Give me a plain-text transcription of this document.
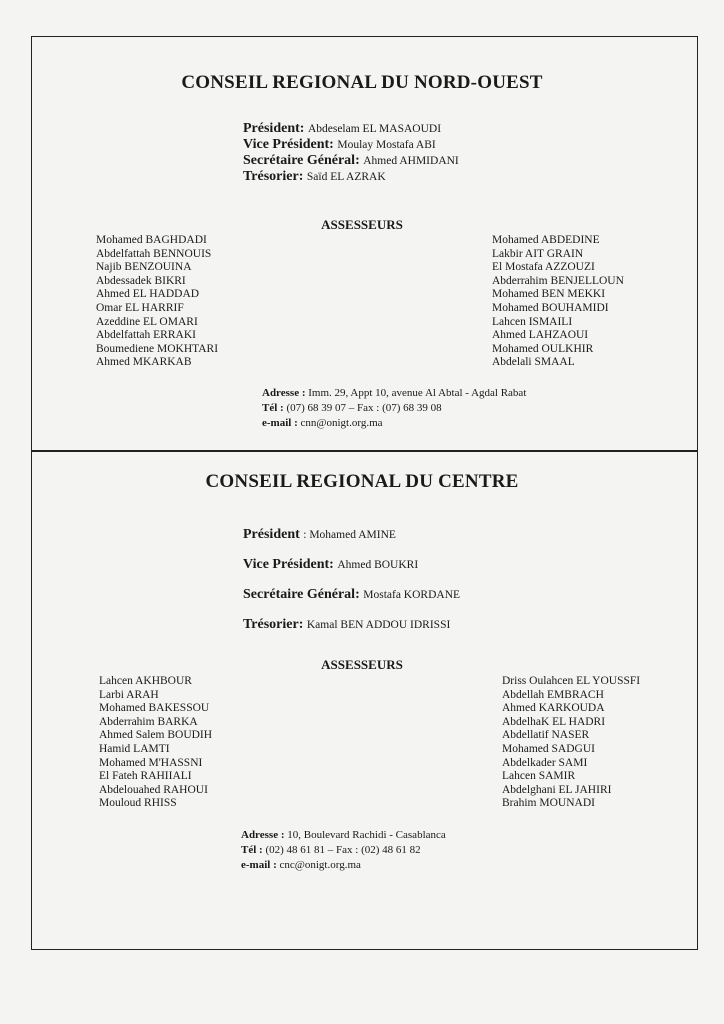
CONSEIL REGIONAL DU NORD-OUEST
Président: Abdeselam EL MASAOUDI
Vice Président: Moulay Mostafa ABI
Secrétaire Général: Ahmed AHMIDANI
Trésorier: Saïd EL AZRAK
ASSESSEURS
Mohamed BAGHDADI
Abdelfattah BENNOUIS
Najib BENZOUINA
Abdessadek BIKRI
Ahmed EL HADDAD
Omar EL HARRIF
Azeddine EL OMARI
Abdelfattah ERRAKI
Boumediene MOKHTARI
Ahmed MKARKAB
Mohamed ABDEDINE
Lakbir AIT GRAIN
El Mostafa AZZOUZI
Abderrahim BENJELLOUN
Mohamed BEN MEKKI
Mohamed BOUHAMIDI
Lahcen ISMAILI
Ahmed LAHZAOUI
Mohamed OULKHIR
Abdelali SMAAL
Adresse : Imm. 29, Appt 10, avenue Al Abtal - Agdal Rabat
Tél : (07) 68 39 07 – Fax : (07) 68 39 08
e-mail : cnn@onigt.org.ma
CONSEIL REGIONAL DU CENTRE
Président : Mohamed AMINE
Vice Président: Ahmed BOUKRI
Secrétaire Général: Mostafa KORDANE
Trésorier: Kamal BEN ADDOU IDRISSI
ASSESSEURS
Lahcen AKHBOUR
Larbi ARAH
Mohamed BAKESSOU
Abderrahim BARKA
Ahmed Salem BOUDIH
Hamid LAMTI
Mohamed M'HASSNI
El Fateh RAHIIALI
Abdelouahed RAHOUI
Mouloud RHISS
Driss Oulahcen EL YOUSSFI
Abdellah EMBRACH
Ahmed KARKOUDA
AbdelhaK EL HADRI
Abdellatif NASER
Mohamed SADGUI
Abdelkader SAMI
Lahcen SAMIR
Abdelghani EL JAHIRI
Brahim MOUNADI
Adresse : 10, Boulevard Rachidi - Casablanca
Tél : (02) 48 61 81 – Fax : (02) 48 61 82
e-mail : cnc@onigt.org.ma
